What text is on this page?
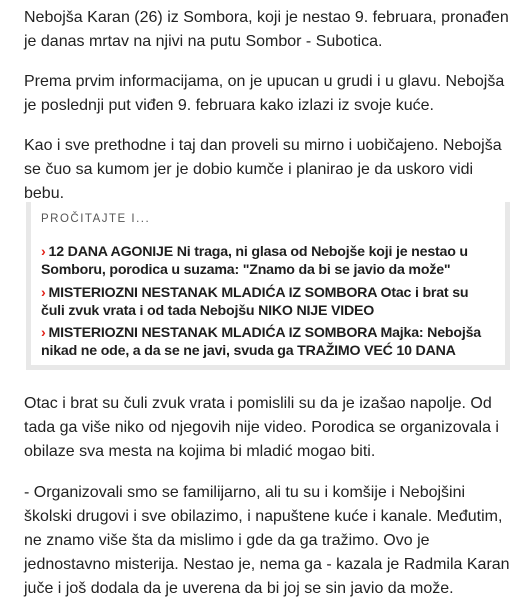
Nebojša Karan (26) iz Sombora, koji je nestao 9. februara, pronađen je danas mrtav na njivi na putu Sombor - Subotica.

Prema prvim informacijama, on je upucan u grudi i u glavu. Nebojša je poslednji put viđen 9. februara kako izlazi iz svoje kuće.

Kao i sve prethodne i taj dan proveli su mirno i uobičajeno. Nebojša se čuo sa kumom jer je dobio kumče i planirao je da uskoro vidi bebu.

PROČITAJTE I...
› 12 DANA AGONIJE Ni traga, ni glasa od Nebojše koji je nestao u Somboru, porodica u suzama: "Znamo da bi se javio da može"
› MISTERIOZNI NESTANAK MLADIĆA IZ SOMBORA Otac i brat su čuli zvuk vrata i od tada Nebojšu NIKO NIJE VIDEO
› MISTERIOZNI NESTANAK MLADIĆA IZ SOMBORA Majka: Nebojša nikad ne ode, a da se ne javi, svuda ga TRAŽIMO VEĆ 10 DANA

Otac i brat su čuli zvuk vrata i pomislili su da je izašao napolje. Od tada ga više niko od njegovih nije video. Porodica se organizovala i obilaze sva mesta na kojima bi mladić mogao biti.

- Organizovali smo se familijarno, ali tu su i komšije i Nebojšini školski drugovi i sve obilazimo, i napuštene kuće i kanale. Međutim, ne znamo više šta da mislimo i gde da ga tražimo. Ovo je jednostavno misterija. Nestao je, nema ga - kazala je Radmila Karan juče i još dodala da je uverena da bi joj se sin javio da može.
